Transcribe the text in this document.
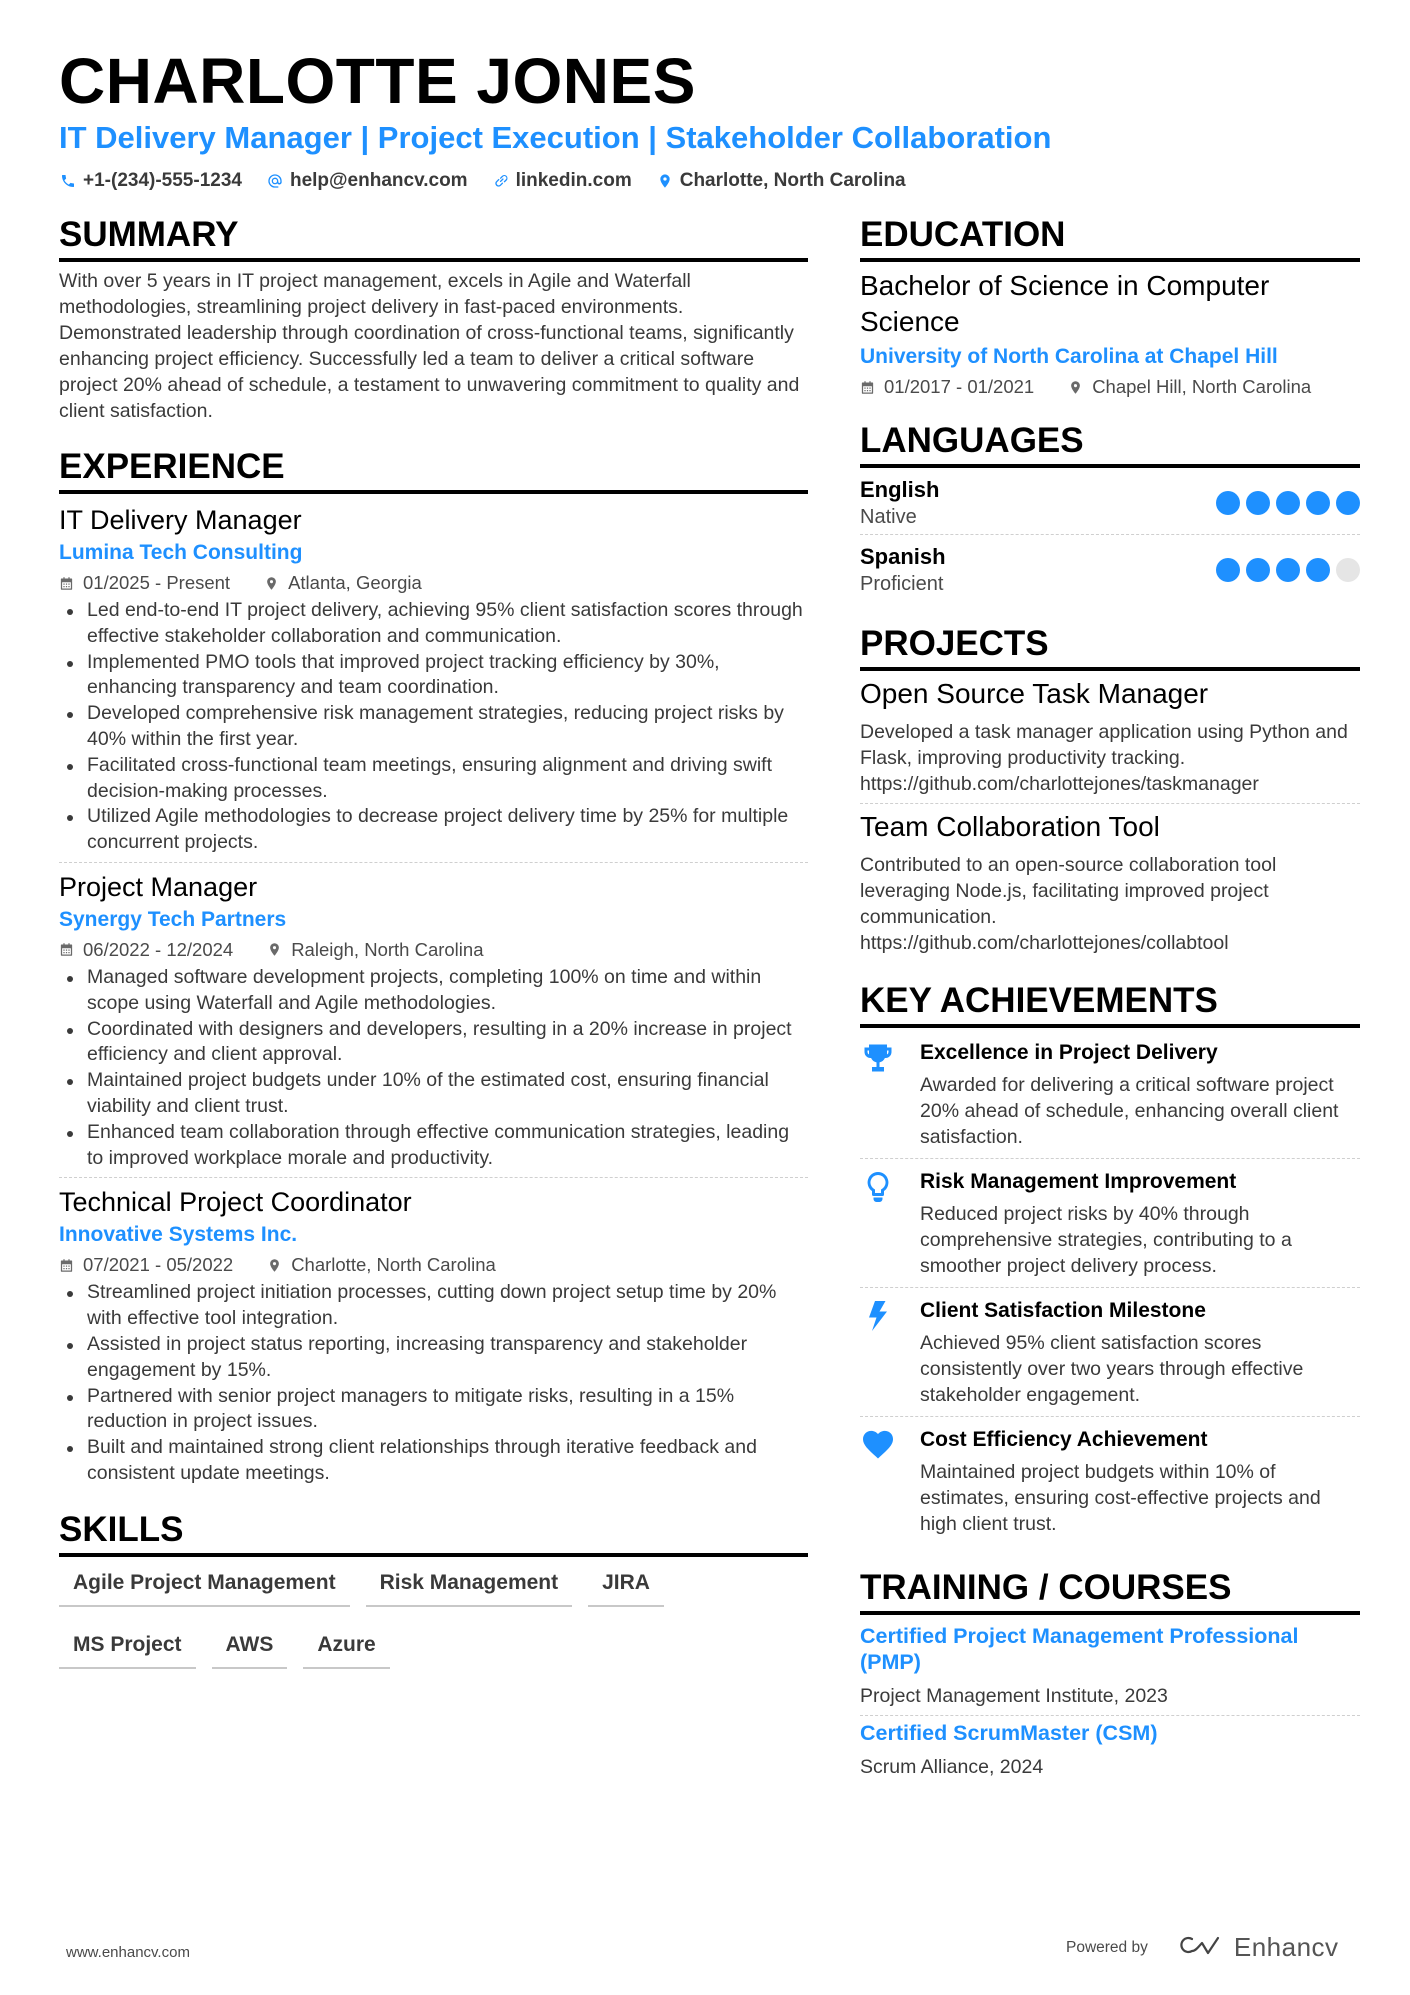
CHARLOTTE JONES
IT Delivery Manager | Project Execution | Stakeholder Collaboration
+1-(234)-555-1234	help@enhancv.com	linkedin.com	Charlotte, North Carolina
SUMMARY
With over 5 years in IT project management, excels in Agile and Waterfall methodologies, streamlining project delivery in fast-paced environments. Demonstrated leadership through coordination of cross-functional teams, significantly enhancing project efficiency. Successfully led a team to deliver a critical software project 20% ahead of schedule, a testament to unwavering commitment to quality and client satisfaction.
EXPERIENCE
IT Delivery Manager
Lumina Tech Consulting
01/2025 - Present	Atlanta, Georgia
Led end-to-end IT project delivery, achieving 95% client satisfaction scores through effective stakeholder collaboration and communication.
Implemented PMO tools that improved project tracking efficiency by 30%, enhancing transparency and team coordination.
Developed comprehensive risk management strategies, reducing project risks by 40% within the first year.
Facilitated cross-functional team meetings, ensuring alignment and driving swift decision-making processes.
Utilized Agile methodologies to decrease project delivery time by 25% for multiple concurrent projects.
Project Manager
Synergy Tech Partners
06/2022 - 12/2024	Raleigh, North Carolina
Managed software development projects, completing 100% on time and within scope using Waterfall and Agile methodologies.
Coordinated with designers and developers, resulting in a 20% increase in project efficiency and client approval.
Maintained project budgets under 10% of the estimated cost, ensuring financial viability and client trust.
Enhanced team collaboration through effective communication strategies, leading to improved workplace morale and productivity.
Technical Project Coordinator
Innovative Systems Inc.
07/2021 - 05/2022	Charlotte, North Carolina
Streamlined project initiation processes, cutting down project setup time by 20% with effective tool integration.
Assisted in project status reporting, increasing transparency and stakeholder engagement by 15%.
Partnered with senior project managers to mitigate risks, resulting in a 15% reduction in project issues.
Built and maintained strong client relationships through iterative feedback and consistent update meetings.
SKILLS
Agile Project Management	Risk Management	JIRA
MS Project	AWS	Azure
EDUCATION
Bachelor of Science in Computer Science
University of North Carolina at Chapel Hill
01/2017 - 01/2021	Chapel Hill, North Carolina
LANGUAGES
English
Native
Spanish
Proficient
PROJECTS
Open Source Task Manager
Developed a task manager application using Python and Flask, improving productivity tracking.
https://github.com/charlottejones/taskmanager
Team Collaboration Tool
Contributed to an open-source collaboration tool leveraging Node.js, facilitating improved project communication.
https://github.com/charlottejones/collabtool
KEY ACHIEVEMENTS
Excellence in Project Delivery
Awarded for delivering a critical software project 20% ahead of schedule, enhancing overall client satisfaction.
Risk Management Improvement
Reduced project risks by 40% through comprehensive strategies, contributing to a smoother project delivery process.
Client Satisfaction Milestone
Achieved 95% client satisfaction scores consistently over two years through effective stakeholder engagement.
Cost Efficiency Achievement
Maintained project budgets within 10% of estimates, ensuring cost-effective projects and high client trust.
TRAINING / COURSES
Certified Project Management Professional (PMP)
Project Management Institute, 2023
Certified ScrumMaster (CSM)
Scrum Alliance, 2024
www.enhancv.com	Powered by	Enhancv
